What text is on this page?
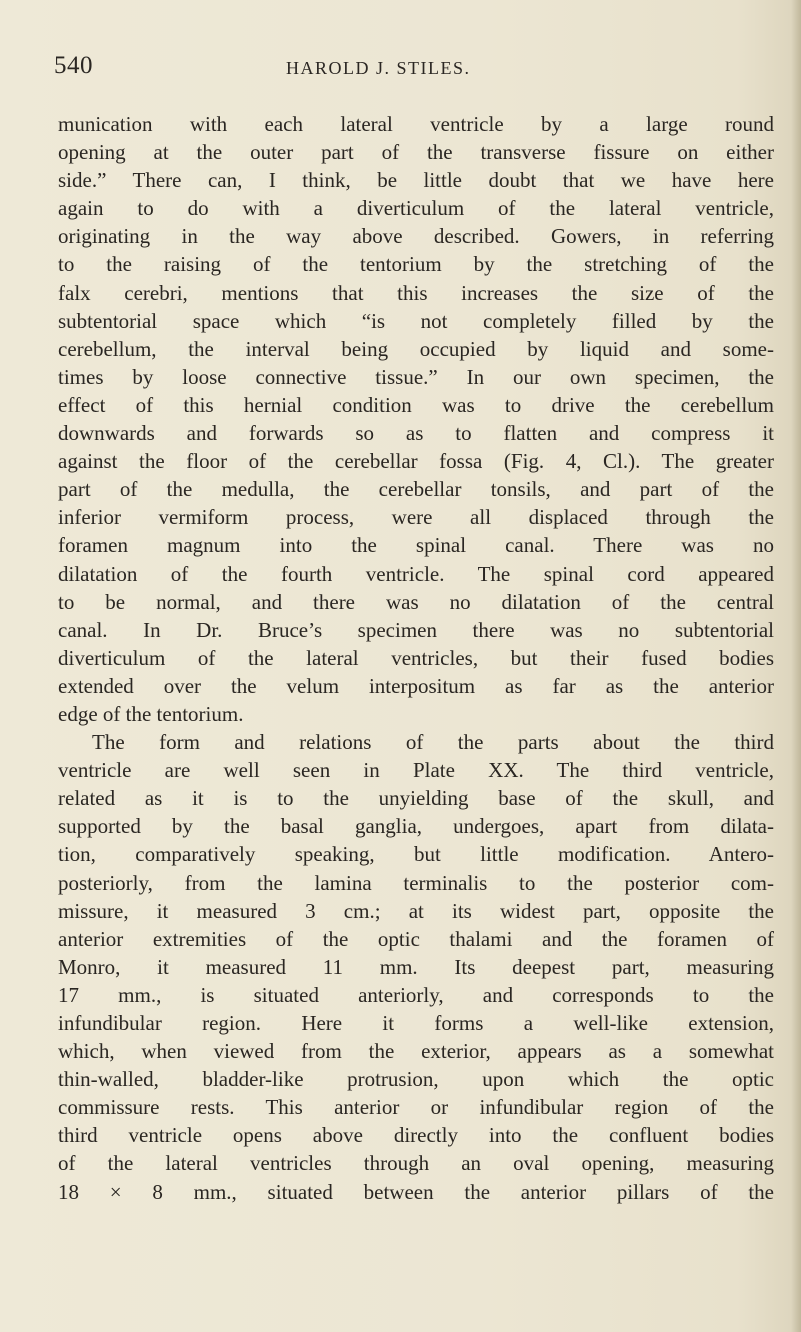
540	HAROLD J. STILES.
munication with each lateral ventricle by a large round
opening at the outer part of the transverse fissure on either
side.” There can, I think, be little doubt that we have here
again to do with a diverticulum of the lateral ventricle,
originating in the way above described. Gowers, in referring
to the raising of the tentorium by the stretching of the
falx cerebri, mentions that this increases the size of the
subtentorial space which “is not completely filled by the
cerebellum, the interval being occupied by liquid and some-
times by loose connective tissue.” In our own specimen, the
effect of this hernial condition was to drive the cerebellum
downwards and forwards so as to flatten and compress it
against the floor of the cerebellar fossa (Fig. 4, Cl.). The greater
part of the medulla, the cerebellar tonsils, and part of the
inferior vermiform process, were all displaced through the
foramen magnum into the spinal canal. There was no
dilatation of the fourth ventricle. The spinal cord appeared
to be normal, and there was no dilatation of the central
canal. In Dr. Bruce’s specimen there was no subtentorial
diverticulum of the lateral ventricles, but their fused bodies
extended over the velum interpositum as far as the anterior
edge of the tentorium.
The form and relations of the parts about the third
ventricle are well seen in Plate XX. The third ventricle,
related as it is to the unyielding base of the skull, and
supported by the basal ganglia, undergoes, apart from dilata-
tion, comparatively speaking, but little modification. Antero-
posteriorly, from the lamina terminalis to the posterior com-
missure, it measured 3 cm.; at its widest part, opposite the
anterior extremities of the optic thalami and the foramen of
Monro, it measured 11 mm. Its deepest part, measuring
17 mm., is situated anteriorly, and corresponds to the
infundibular region. Here it forms a well-like extension,
which, when viewed from the exterior, appears as a somewhat
thin-walled, bladder-like protrusion, upon which the optic
commissure rests. This anterior or infundibular region of the
third ventricle opens above directly into the confluent bodies
of the lateral ventricles through an oval opening, measuring
18 × 8 mm., situated between the anterior pillars of the
